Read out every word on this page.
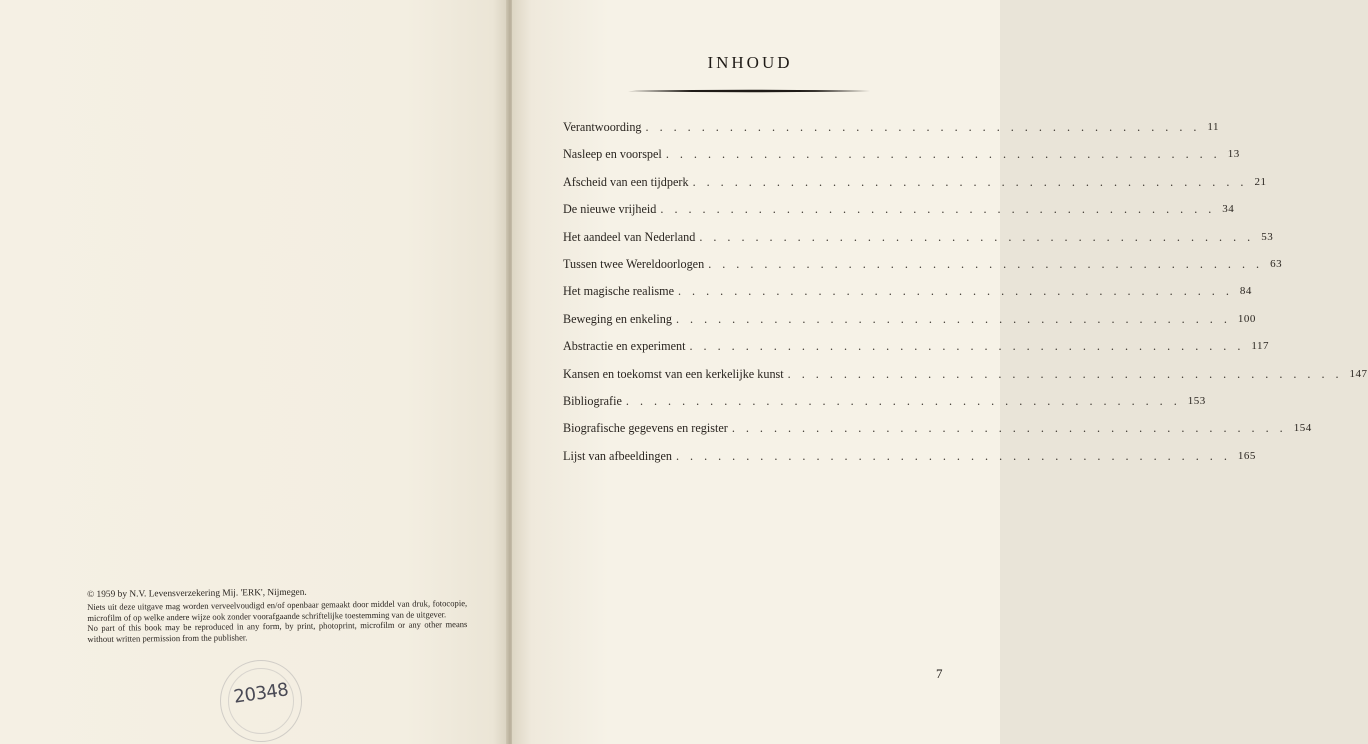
© 1959 by N.V. Levensverzekering Mij. 'ERK', Nijmegen.

Niets uit deze uitgave mag worden verveelvoudigd en/of openbaar gemaakt door middel van druk, fotocopie, microfilm of op welke andere wijze ook zonder voorafgaande schriftelijke toestemming van de uitgever.

No part of this book may be reproduced in any form, by print, photoprint, microfilm or any other means without written permission from the publisher.

20348
INHOUD
Verantwoording ........................................ 11
Nasleep en voorspel ........................................ 13
Afscheid van een tijdperk ........................................ 21
De nieuwe vrijheid ........................................ 34
Het aandeel van Nederland ........................................ 53
Tussen twee Wereldoorlogen ........................................ 63
Het magische realisme ........................................ 84
Beweging en enkeling ........................................ 100
Abstractie en experiment ........................................ 117
Kansen en toekomst van een kerkelijke kunst ........................................ 147
Bibliografie ........................................ 153
Biografische gegevens en register ........................................ 154
Lijst van afbeeldingen ........................................ 165
7
